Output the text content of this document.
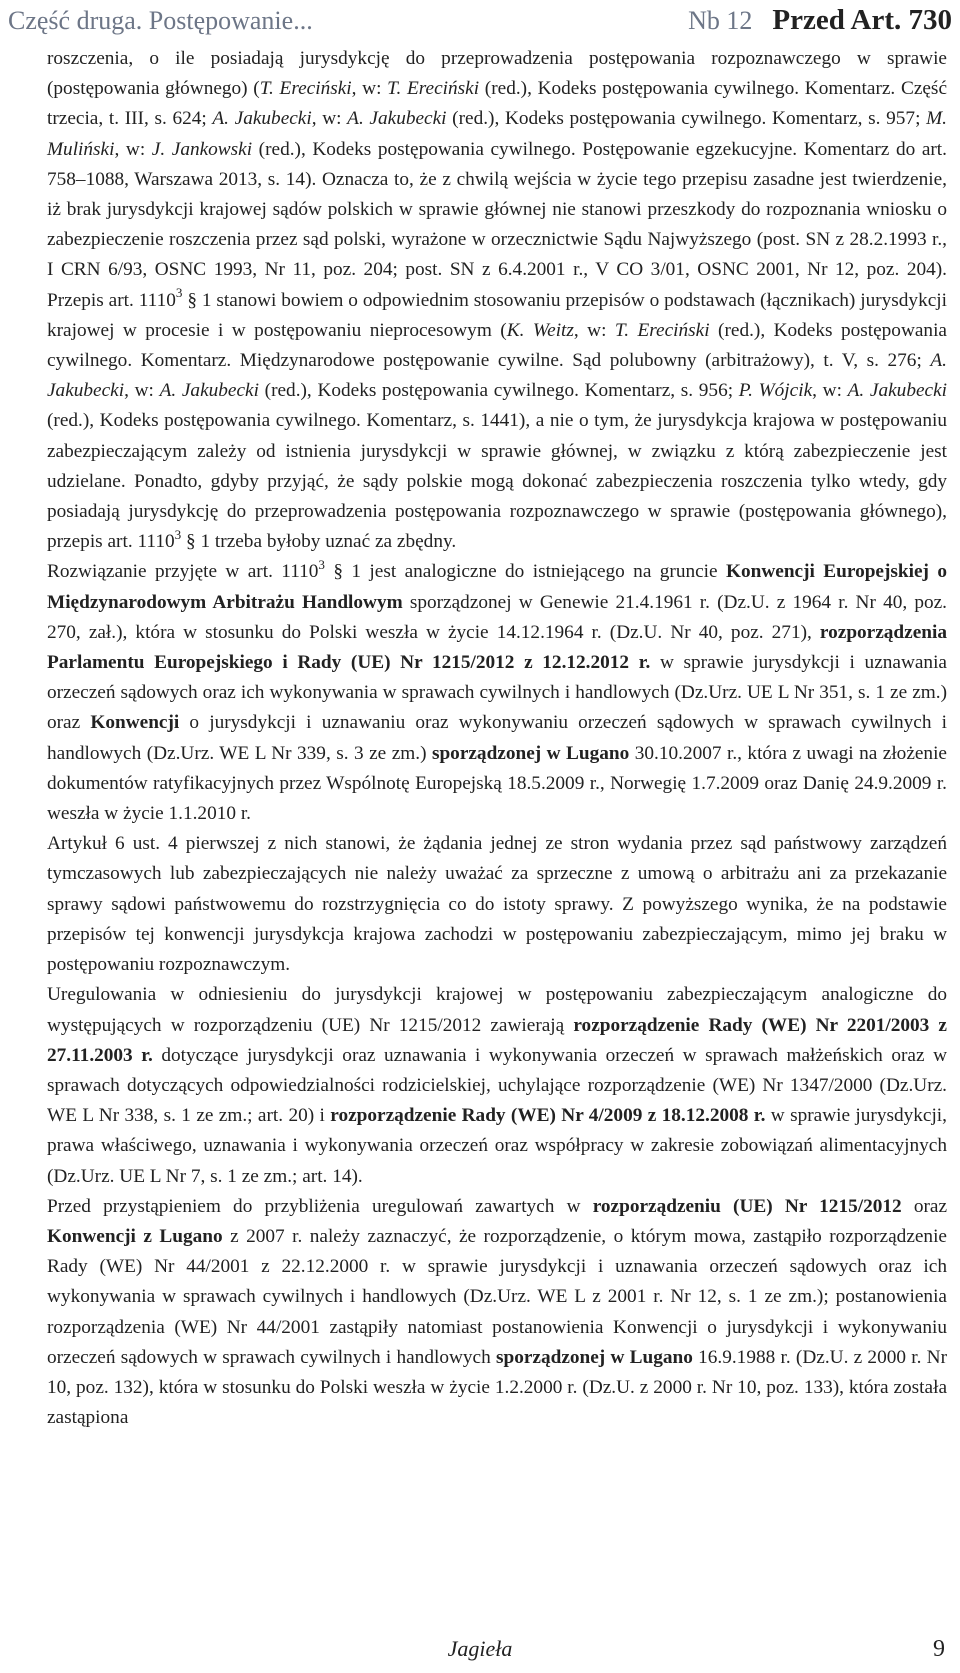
Część druga. Postępowanie...	Nb 12 Przed Art. 730

roszczenia, o ile posiadają jurysdykcję do przeprowadzenia postępowania rozpoznawczego w sprawie (postępowania głównego) (T. Ereciński, w: T. Ereciński (red.), Kodeks postępowania cywilnego. Komentarz. Część trzecia, t. III, s. 624; A. Jakubecki, w: A. Jakubecki (red.), Kodeks postępowania cywilnego. Komentarz, s. 957; M. Muliński, w: J. Jankowski (red.), Kodeks postępowania cywilnego. Postępowanie egzekucyjne. Komentarz do art. 758–1088, Warszawa 2013, s. 14). Oznacza to, że z chwilą wejścia w życie tego przepisu zasadne jest twierdzenie, iż brak jurysdykcji krajowej sądów polskich w sprawie głównej nie stanowi przeszkody do rozpoznania wniosku o zabezpieczenie roszczenia przez sąd polski, wyrażone w orzecznictwie Sądu Najwyższego (post. SN z 28.2.1993 r., I CRN 6/93, OSNC 1993, Nr 11, poz. 204; post. SN z 6.4.2001 r., V CO 3/01, OSNC 2001, Nr 12, poz. 204). Przepis art. 1110$^3$ § 1 stanowi bowiem o odpowiednim stosowaniu przepisów o podstawach (łącznikach) jurysdykcji krajowej w procesie i w postępowaniu nieprocesowym (K. Weitz, w: T. Ereciński (red.), Kodeks postępowania cywilnego. Komentarz. Międzynarodowe postępowanie cywilne. Sąd polubowny (arbitrażowy), t. V, s. 276; A. Jakubecki, w: A. Jakubecki (red.), Kodeks postępowania cywilnego. Komentarz, s. 956; P. Wójcik, w: A. Jakubecki (red.), Kodeks postępowania cywilnego. Komentarz, s. 1441), a nie o tym, że jurysdykcja krajowa w postępowaniu zabezpieczającym zależy od istnienia jurysdykcji w sprawie głównej, w związku z którą zabezpieczenie jest udzielane. Ponadto, gdyby przyjąć, że sądy polskie mogą dokonać zabezpieczenia roszczenia tylko wtedy, gdy posiadają jurysdykcję do przeprowadzenia postępowania rozpoznawczego w sprawie (postępowania głównego), przepis art. 1110$^3$ § 1 trzeba byłoby uznać za zbędny.

Rozwiązanie przyjęte w art. 1110$^3$ § 1 jest analogiczne do istniejącego na gruncie Konwencji Europejskiej o Międzynarodowym Arbitrażu Handlowym sporządzonej w Genewie 21.4.1961 r. (Dz.U. z 1964 r. Nr 40, poz. 270, zał.), która w stosunku do Polski weszła w życie 14.12.1964 r. (Dz.U. Nr 40, poz. 271), rozporządzenia Parlamentu Europejskiego i Rady (UE) Nr 1215/2012 z 12.12.2012 r. w sprawie jurysdykcji i uznawania orzeczeń sądowych oraz ich wykonywania w sprawach cywilnych i handlowych (Dz.Urz. UE L Nr 351, s. 1 ze zm.) oraz Konwencji o jurysdykcji i uznawaniu oraz wykonywaniu orzeczeń sądowych w sprawach cywilnych i handlowych (Dz.Urz. WE L Nr 339, s. 3 ze zm.) sporządzonej w Lugano 30.10.2007 r., która z uwagi na złożenie dokumentów ratyfikacyjnych przez Wspólnotę Europejską 18.5.2009 r., Norwegię 1.7.2009 oraz Danię 24.9.2009 r. weszła w życie 1.1.2010 r.

Artykuł 6 ust. 4 pierwszej z nich stanowi, że żądania jednej ze stron wydania przez sąd państwowy zarządzeń tymczasowych lub zabezpieczających nie należy uważać za sprzeczne z umową o arbitrażu ani za przekazanie sprawy sądowi państwowemu do rozstrzygnięcia co do istoty sprawy. Z powyższego wynika, że na podstawie przepisów tej konwencji jurysdykcja krajowa zachodzi w postępowaniu zabezpieczającym, mimo jej braku w postępowaniu rozpoznawczym.

Uregulowania w odniesieniu do jurysdykcji krajowej w postępowaniu zabezpieczającym analogiczne do występujących w rozporządzeniu (UE) Nr 1215/2012 zawierają rozporządzenie Rady (WE) Nr 2201/2003 z 27.11.2003 r. dotyczące jurysdykcji oraz uznawania i wykonywania orzeczeń w sprawach małżeńskich oraz w sprawach dotyczących odpowiedzialności rodzicielskiej, uchylające rozporządzenie (WE) Nr 1347/2000 (Dz.Urz. WE L Nr 338, s. 1 ze zm.; art. 20) i rozporządzenie Rady (WE) Nr 4/2009 z 18.12.2008 r. w sprawie jurysdykcji, prawa właściwego, uznawania i wykonywania orzeczeń oraz współpracy w zakresie zobowiązań alimentacyjnych (Dz.Urz. UE L Nr 7, s. 1 ze zm.; art. 14).

Przed przystąpieniem do przybliżenia uregulowań zawartych w rozporządzeniu (UE) Nr 1215/2012 oraz Konwencji z Lugano z 2007 r. należy zaznaczyć, że rozporządzenie, o którym mowa, zastąpiło rozporządzenie Rady (WE) Nr 44/2001 z 22.12.2000 r. w sprawie jurysdykcji i uznawania orzeczeń sądowych oraz ich wykonywania w sprawach cywilnych i handlowych (Dz.Urz. WE L z 2001 r. Nr 12, s. 1 ze zm.); postanowienia rozporządzenia (WE) Nr 44/2001 zastąpiły natomiast postanowienia Konwencji o jurysdykcji i wykonywaniu orzeczeń sądowych w sprawach cywilnych i handlowych sporządzonej w Lugano 16.9.1988 r. (Dz.U. z 2000 r. Nr 10, poz. 132), która w stosunku do Polski weszła w życie 1.2.2000 r. (Dz.U. z 2000 r. Nr 10, poz. 133), która została zastąpiona

Jagieła	9
